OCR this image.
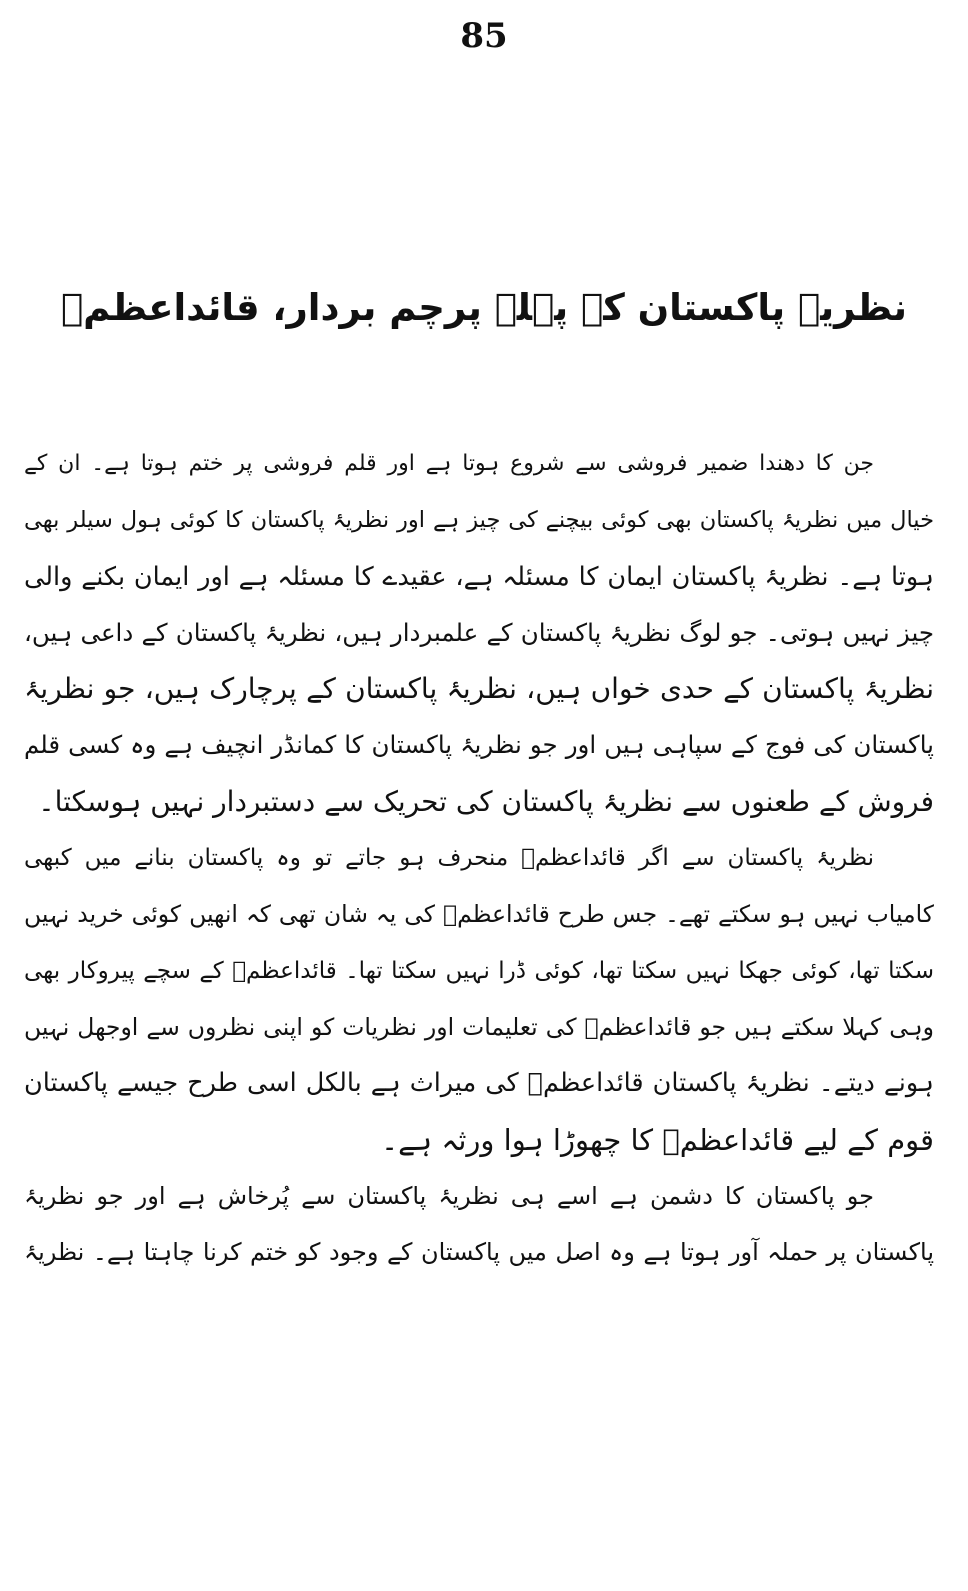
85
نظریۂ پاکستان کے پہلے پرچم بردار، قائداعظمؒ
جن کا دھندا ضمیر فروشی سے شروع ہوتا ہے اور قلم فروشی پر ختم ہوتا ہے۔ ان کے
خیال میں نظریۂ پاکستان بھی کوئی بیچنے کی چیز ہے اور نظریۂ پاکستان کا کوئی ہول سیلر بھی
ہوتا ہے۔ نظریۂ پاکستان ایمان کا مسئلہ ہے، عقیدے کا مسئلہ ہے اور ایمان بکنے والی
چیز نہیں ہوتی۔ جو لوگ نظریۂ پاکستان کے علمبردار ہیں، نظریۂ پاکستان کے داعی ہیں،
نظریۂ پاکستان کے حدی خواں ہیں، نظریۂ پاکستان کے پرچارک ہیں، جو نظریۂ
پاکستان کی فوج کے سپاہی ہیں اور جو نظریۂ پاکستان کا کمانڈر انچیف ہے وہ کسی قلم
فروش کے طعنوں سے نظریۂ پاکستان کی تحریک سے دستبردار نہیں ہوسکتا۔
نظریۂ پاکستان سے اگر قائداعظمؒ منحرف ہو جاتے تو وہ پاکستان بنانے میں کبھی
کامیاب نہیں ہو سکتے تھے۔ جس طرح قائداعظمؒ کی یہ شان تھی کہ انھیں کوئی خرید نہیں
سکتا تھا، کوئی جھکا نہیں سکتا تھا، کوئی ڈرا نہیں سکتا تھا۔ قائداعظمؒ کے سچے پیروکار بھی
وہی کہلا سکتے ہیں جو قائداعظمؒ کی تعلیمات اور نظریات کو اپنی نظروں سے اوجھل نہیں
ہونے دیتے۔ نظریۂ پاکستان قائداعظمؒ کی میراث ہے بالکل اسی طرح جیسے پاکستان
قوم کے لیے قائداعظمؒ کا چھوڑا ہوا ورثہ ہے۔
جو پاکستان کا دشمن ہے اسے ہی نظریۂ پاکستان سے پُرخاش ہے اور جو نظریۂ
پاکستان پر حملہ آور ہوتا ہے وہ اصل میں پاکستان کے وجود کو ختم کرنا چاہتا ہے۔ نظریۂ
